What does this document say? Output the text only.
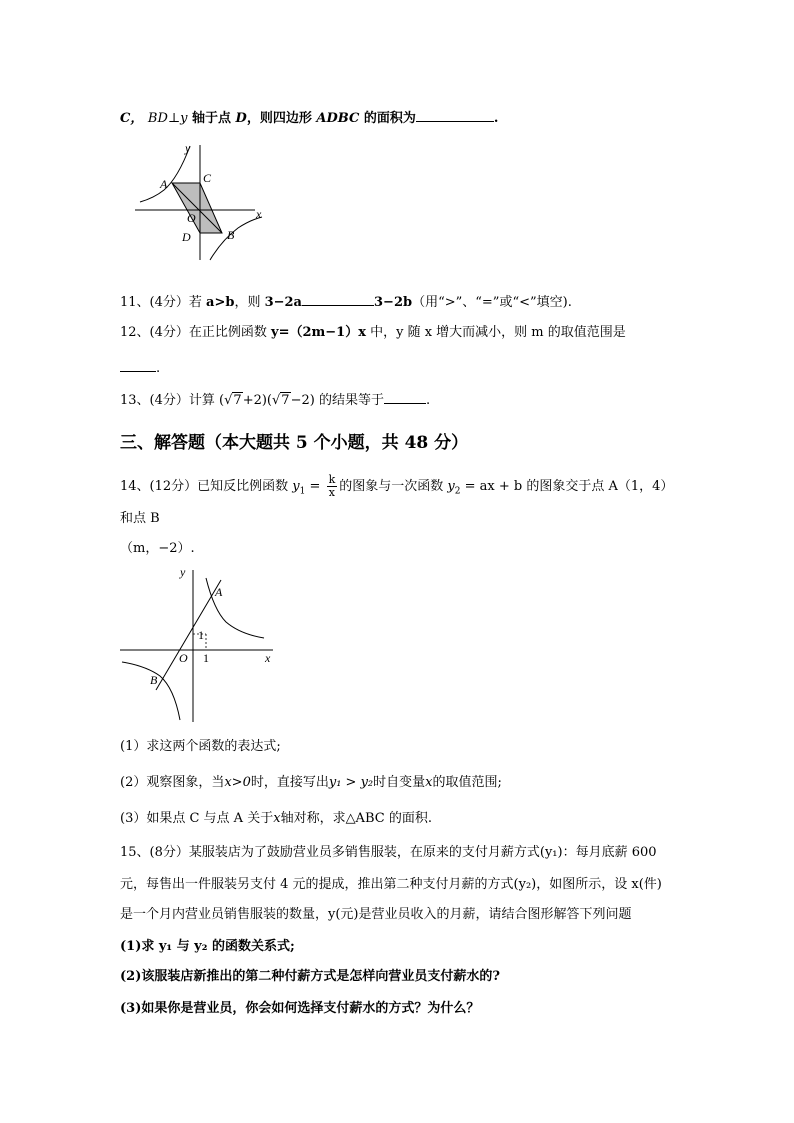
C， BD⊥y 轴于点 D，则四边形 ADBC 的面积为	.
y
x
A	C
O
D	B
11、(4分）若 a>b，则 3−2a	3−2b（用“>”、“=”或“<”填空).
12、(4分）在正比例函数 y=（2m−1）x 中，y 随 x 增大而减小，则 m 的取值范围是
.
13、(4分）计算 (√7+2)(√7−2) 的结果等于	.
三、解答题（本大题共 5 个小题，共 48 分）
14、(12分）已知反比例函数 $y_1 = \frac{k}{x}$ 的图象与一次函数 $y_2$ = ax + b 的图象交于点 A（1，4）
和点 B
（m，−2）.
y
x
A
B
O
1
1
(1）求这两个函数的表达式;
(2）观察图象，当x>0时，直接写出y₁ > y₂时自变量x的取值范围;
(3）如果点 C 与点 A 关于x轴对称，求△ABC 的面积.
15、(8分）某服装店为了鼓励营业员多销售服装，在原来的支付月薪方式(y₁)：每月底薪 600
元，每售出一件服装另支付 4 元的提成，推出第二种支付月薪的方式(y₂)，如图所示，设 x(件)
是一个月内营业员销售服装的数量，y(元)是营业员收入的月薪，请结合图形解答下列问题
(1)求 y₁ 与 y₂ 的函数关系式;
(2)该服装店新推出的第二种付薪方式是怎样向营业员支付薪水的?
(3)如果你是营业员，你会如何选择支付薪水的方式？为什么？
